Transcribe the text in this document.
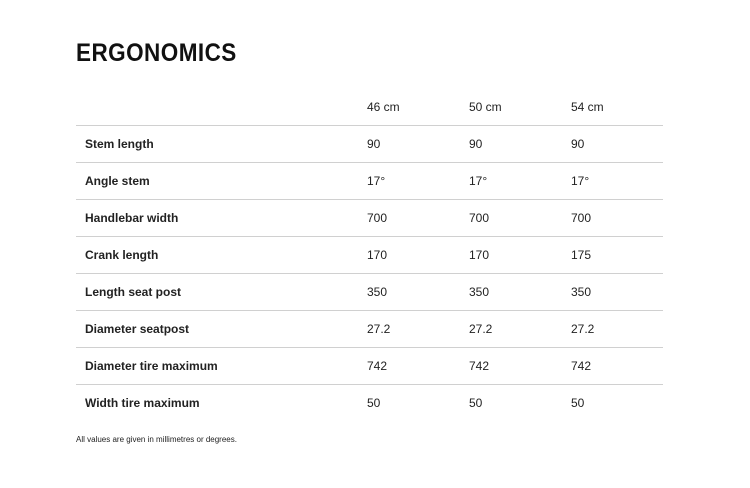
ERGONOMICS
	46 cm	50 cm	54 cm
Stem length	90	90	90
Angle stem	17°	17°	17°
Handlebar width	700	700	700
Crank length	170	170	175
Length seat post	350	350	350
Diameter seatpost	27.2	27.2	27.2
Diameter tire maximum	742	742	742
Width tire maximum	50	50	50

All values are given in millimetres or degrees.
